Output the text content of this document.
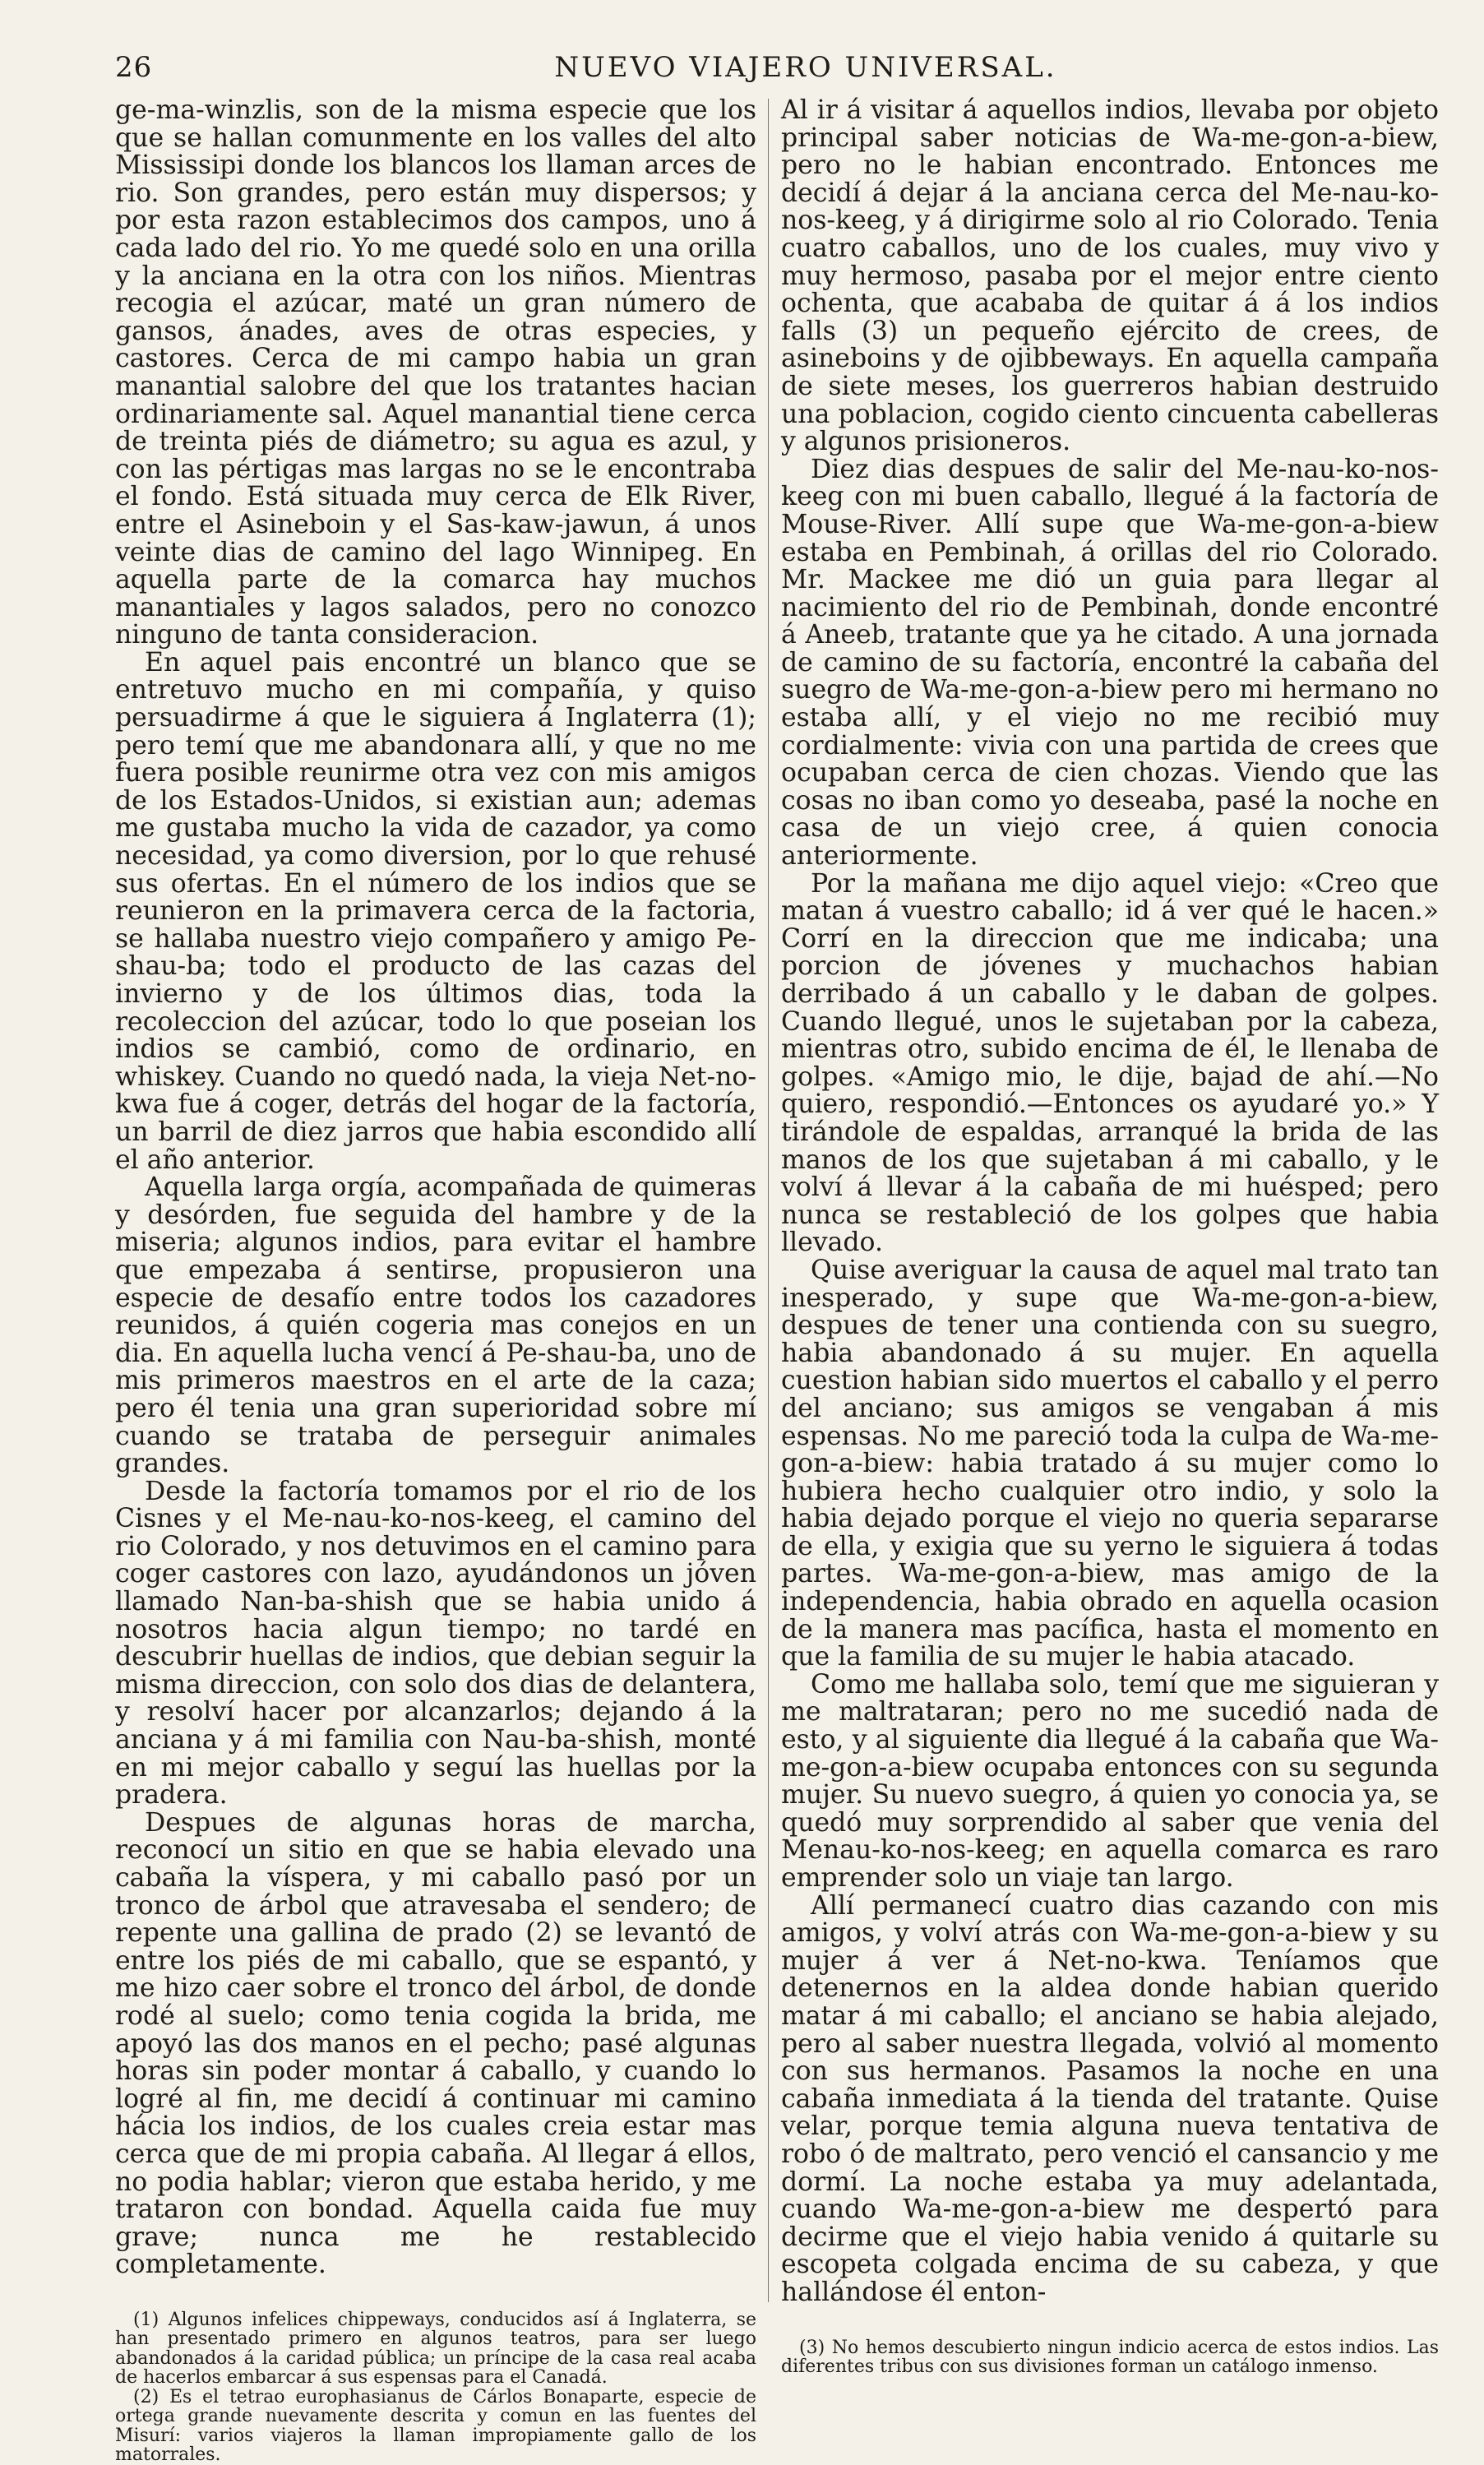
26	NUEVO VIAJERO UNIVERSAL.

ge-ma-winzlis, son de la misma especie que los que se hallan comunmente en los valles del alto Mississipi donde los blancos los llaman arces de rio. Son grandes, pero están muy dispersos; y por esta razon establecimos dos campos, uno á cada lado del rio. Yo me quedé solo en una orilla y la anciana en la otra con los niños. Mientras recogia el azúcar, maté un gran número de gansos, ánades, aves de otras especies, y castores. Cerca de mi campo habia un gran manantial salobre del que los tratantes hacian ordinariamente sal. Aquel manantial tiene cerca de treinta piés de diámetro; su agua es azul, y con las pértigas mas largas no se le encontraba el fondo. Está situada muy cerca de Elk River, entre el Asineboin y el Sas-kaw-jawun, á unos veinte dias de camino del lago Winnipeg. En aquella parte de la comarca hay muchos manantiales y lagos salados, pero no conozco ninguno de tanta consideracion.

En aquel pais encontré un blanco que se entretuvo mucho en mi compañía, y quiso persuadirme á que le siguiera á Inglaterra (1); pero temí que me abandonara allí, y que no me fuera posible reunirme otra vez con mis amigos de los Estados-Unidos, si existian aun; ademas me gustaba mucho la vida de cazador, ya como necesidad, ya como diversion, por lo que rehusé sus ofertas. En el número de los indios que se reunieron en la primavera cerca de la factoria, se hallaba nuestro viejo compañero y amigo Pe-shau-ba; todo el producto de las cazas del invierno y de los últimos dias, toda la recoleccion del azúcar, todo lo que poseian los indios se cambió, como de ordinario, en whiskey. Cuando no quedó nada, la vieja Net-no-kwa fue á coger, detrás del hogar de la factoría, un barril de diez jarros que habia escondido allí el año anterior.

Aquella larga orgía, acompañada de quimeras y desórden, fue seguida del hambre y de la miseria; algunos indios, para evitar el hambre que empezaba á sentirse, propusieron una especie de desafío entre todos los cazadores reunidos, á quién cogeria mas conejos en un dia. En aquella lucha vencí á Pe-shau-ba, uno de mis primeros maestros en el arte de la caza; pero él tenia una gran superioridad sobre mí cuando se trataba de perseguir animales grandes.

Desde la factoría tomamos por el rio de los Cisnes y el Me-nau-ko-nos-keeg, el camino del rio Colorado, y nos detuvimos en el camino para coger castores con lazo, ayudándonos un jóven llamado Nan-ba-shish que se habia unido á nosotros hacia algun tiempo; no tardé en descubrir huellas de indios, que debian seguir la misma direccion, con solo dos dias de delantera, y resolví hacer por alcanzarlos; dejando á la anciana y á mi familia con Nau-ba-shish, monté en mi mejor caballo y seguí las huellas por la pradera.

Despues de algunas horas de marcha, reconocí un sitio en que se habia elevado una cabaña la víspera, y mi caballo pasó por un tronco de árbol que atravesaba el sendero; de repente una gallina de prado (2) se levantó de entre los piés de mi caballo, que se espantó, y me hizo caer sobre el tronco del árbol, de donde rodé al suelo; como tenia cogida la brida, me apoyó las dos manos en el pecho; pasé algunas horas sin poder montar á caballo, y cuando lo logré al fin, me decidí á continuar mi camino hácia los indios, de los cuales creia estar mas cerca que de mi propia cabaña. Al llegar á ellos, no podia hablar; vieron que estaba herido, y me trataron con bondad. Aquella caida fue muy grave; nunca me he restablecido completamente.

(1) Algunos infelices chippeways, conducidos así á Inglaterra, se han presentado primero en algunos teatros, para ser luego abandonados á la caridad pública; un príncipe de la casa real acaba de hacerlos embarcar á sus espensas para el Canadá.

(2) Es el tetrao europhasianus de Cárlos Bonaparte, especie de ortega grande nuevamente descrita y comun en las fuentes del Misurí: varios viajeros la llaman impropiamente gallo de los matorrales.

Al ir á visitar á aquellos indios, llevaba por objeto principal saber noticias de Wa-me-gon-a-biew, pero no le habian encontrado. Entonces me decidí á dejar á la anciana cerca del Me-nau-ko-nos-keeg, y á dirigirme solo al rio Colorado. Tenia cuatro caballos, uno de los cuales, muy vivo y muy hermoso, pasaba por el mejor entre ciento ochenta, que acababa de quitar á á los indios falls (3) un pequeño ejército de crees, de asineboins y de ojibbeways. En aquella campaña de siete meses, los guerreros habian destruido una poblacion, cogido ciento cincuenta cabelleras y algunos prisioneros.

Diez dias despues de salir del Me-nau-ko-nos-keeg con mi buen caballo, llegué á la factoría de Mouse-River. Allí supe que Wa-me-gon-a-biew estaba en Pembinah, á orillas del rio Colorado. Mr. Mackee me dió un guia para llegar al nacimiento del rio de Pembinah, donde encontré á Aneeb, tratante que ya he citado. A una jornada de camino de su factoría, encontré la cabaña del suegro de Wa-me-gon-a-biew pero mi hermano no estaba allí, y el viejo no me recibió muy cordialmente: vivia con una partida de crees que ocupaban cerca de cien chozas. Viendo que las cosas no iban como yo deseaba, pasé la noche en casa de un viejo cree, á quien conocia anteriormente.

Por la mañana me dijo aquel viejo: «Creo que matan á vuestro caballo; id á ver qué le hacen.» Corrí en la direccion que me indicaba; una porcion de jóvenes y muchachos habian derribado á un caballo y le daban de golpes. Cuando llegué, unos le sujetaban por la cabeza, mientras otro, subido encima de él, le llenaba de golpes. «Amigo mio, le dije, bajad de ahí.—No quiero, respondió.—Entonces os ayudaré yo.» Y tirándole de espaldas, arranqué la brida de las manos de los que sujetaban á mi caballo, y le volví á llevar á la cabaña de mi huésped; pero nunca se restableció de los golpes que habia llevado.

Quise averiguar la causa de aquel mal trato tan inesperado, y supe que Wa-me-gon-a-biew, despues de tener una contienda con su suegro, habia abandonado á su mujer. En aquella cuestion habian sido muertos el caballo y el perro del anciano; sus amigos se vengaban á mis espensas. No me pareció toda la culpa de Wa-me-gon-a-biew: habia tratado á su mujer como lo hubiera hecho cualquier otro indio, y solo la habia dejado porque el viejo no queria separarse de ella, y exigia que su yerno le siguiera á todas partes. Wa-me-gon-a-biew, mas amigo de la independencia, habia obrado en aquella ocasion de la manera mas pacífica, hasta el momento en que la familia de su mujer le habia atacado.

Como me hallaba solo, temí que me siguieran y me maltrataran; pero no me sucedió nada de esto, y al siguiente dia llegué á la cabaña que Wa-me-gon-a-biew ocupaba entonces con su segunda mujer. Su nuevo suegro, á quien yo conocia ya, se quedó muy sorprendido al saber que venia del Menau-ko-nos-keeg; en aquella comarca es raro emprender solo un viaje tan largo.

Allí permanecí cuatro dias cazando con mis amigos, y volví atrás con Wa-me-gon-a-biew y su mujer á ver á Net-no-kwa. Teníamos que detenernos en la aldea donde habian querido matar á mi caballo; el anciano se habia alejado, pero al saber nuestra llegada, volvió al momento con sus hermanos. Pasamos la noche en una cabaña inmediata á la tienda del tratante. Quise velar, porque temia alguna nueva tentativa de robo ó de maltrato, pero venció el cansancio y me dormí. La noche estaba ya muy adelantada, cuando Wa-me-gon-a-biew me despertó para decirme que el viejo habia venido á quitarle su escopeta colgada encima de su cabeza, y que hallándose él enton-

(3) No hemos descubierto ningun indicio acerca de estos indios. Las diferentes tribus con sus divisiones forman un catálogo inmenso.
